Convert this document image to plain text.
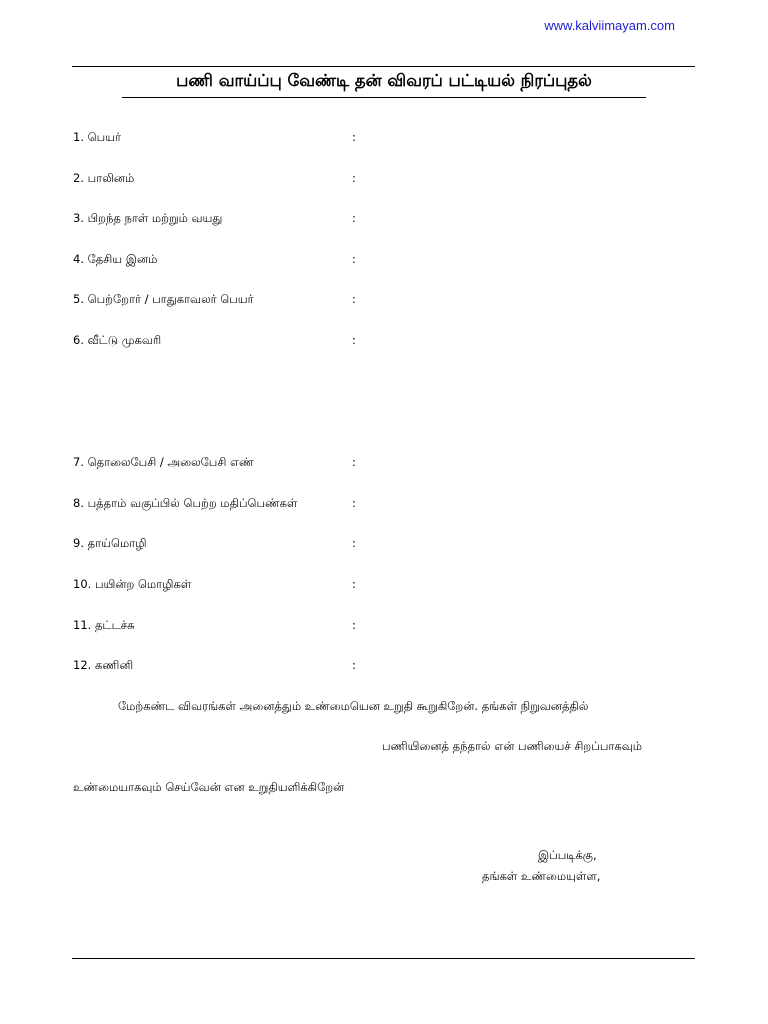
www.kalviimayam.com
பணி வாய்ப்பு வேண்டி தன் விவரப் பட்டியல் நிரப்புதல்
1. பெயர்	:
2. பாலினம்	:
3. பிறந்த நாள் மற்றும் வயது	:
4. தேசிய இனம்	:
5. பெற்றோர் / பாதுகாவலர் பெயர்	:
6. வீட்டு முகவரி	:
7. தொலைபேசி / அலைபேசி எண்	:
8. பத்தாம் வகுப்பில் பெற்ற மதிப்பெண்கள்	:
9. தாய்மொழி	:
10. பயின்ற மொழிகள்	:
11. தட்டச்சு	:
12. கணினி	:
மேற்கண்ட விவரங்கள் அனைத்தும் உண்மையென உறுதி கூறுகிறேன். தங்கள் நிறுவனத்தில்
பணியினைத் தந்தால் என் பணியைச் சிறப்பாகவும்
உண்மையாகவும் செய்வேன் என உறுதியளிக்கிறேன்
இப்படிக்கு,
தங்கள் உண்மையுள்ள,
